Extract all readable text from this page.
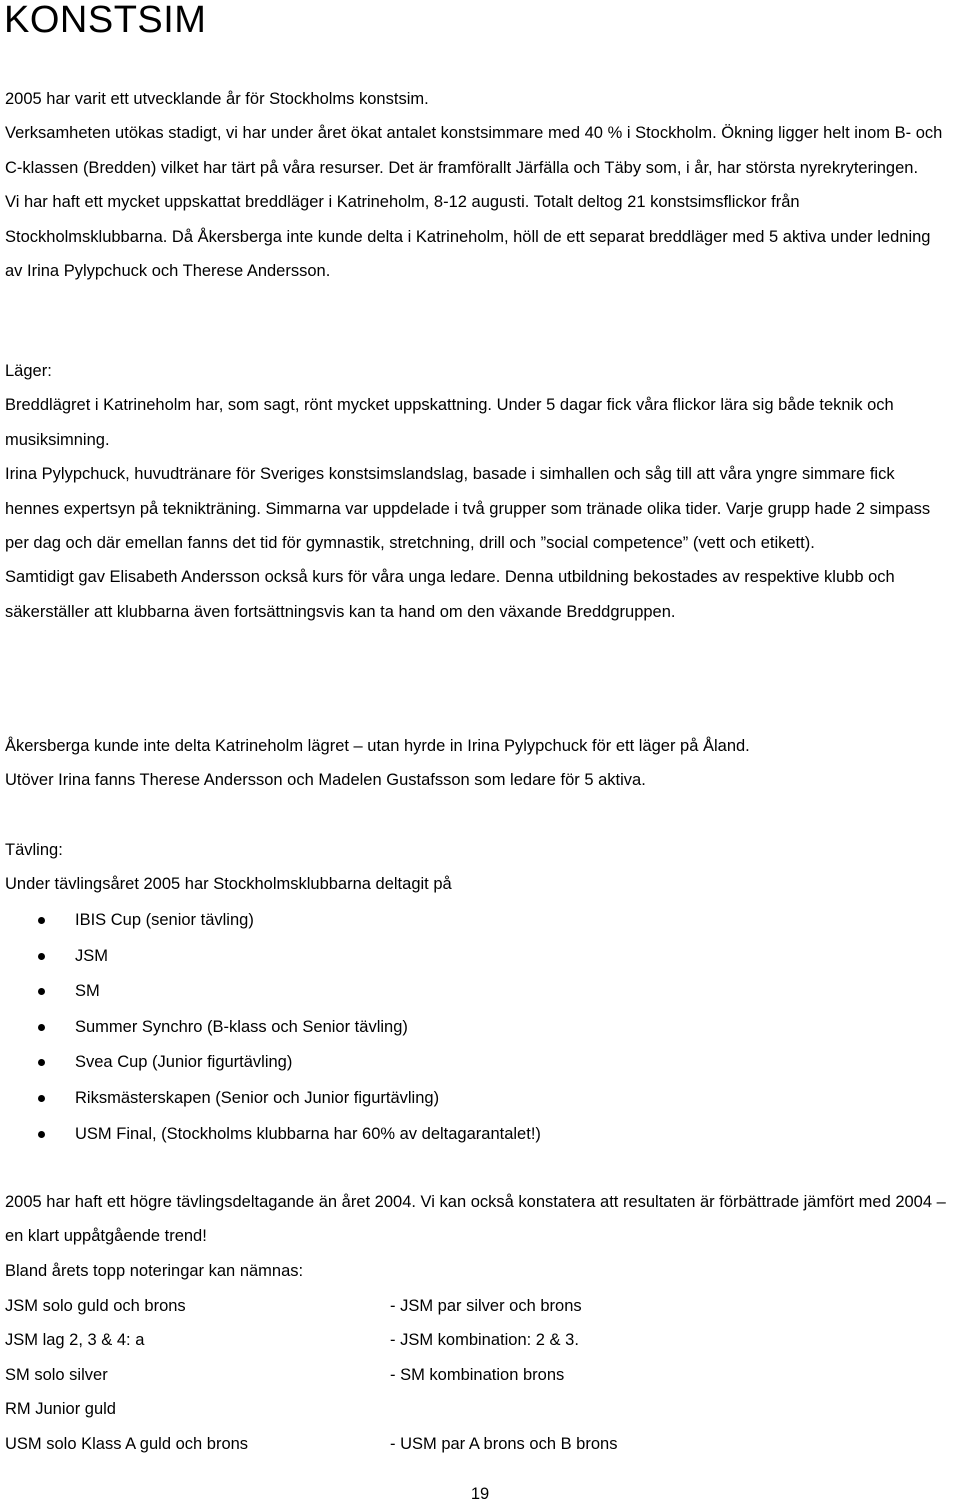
KONSTSIM

2005 har varit ett utvecklande år för Stockholms konstsim.

Verksamheten utökas stadigt, vi har under året ökat antalet konstsimmare med 40 % i Stockholm. Ökning ligger helt inom B- och C-klassen (Bredden) vilket har tärt på våra resurser. Det är framförallt Järfälla och Täby som, i år, har största nyrekryteringen.

Vi har haft ett mycket uppskattat breddläger i Katrineholm, 8-12 augusti. Totalt deltog 21 konstsimsflickor från Stockholmsklubbarna. Då Åkersberga inte kunde delta i Katrineholm, höll de ett separat breddläger med 5 aktiva under ledning av Irina Pylypchuck och Therese Andersson.

Läger:

Breddlägret i Katrineholm har, som sagt, rönt mycket uppskattning. Under 5 dagar fick våra flickor lära sig både teknik och musiksimning.

Irina Pylypchuck, huvudtränare för Sveriges konstsimslandslag, basade i simhallen och såg till att våra yngre simmare fick hennes expertsyn på teknikträning. Simmarna var uppdelade i två grupper som tränade olika tider. Varje grupp hade 2 simpass per dag och där emellan fanns det tid för gymnastik, stretchning, drill och ”social competence” (vett och etikett).

Samtidigt gav Elisabeth Andersson också kurs för våra unga ledare. Denna utbildning bekostades av respektive klubb och säkerställer att klubbarna även fortsättningsvis kan ta hand om den växande Breddgruppen.

Åkersberga kunde inte delta Katrineholm lägret – utan hyrde in Irina Pylypchuck för ett läger på Åland.

Utöver Irina fanns Therese Andersson och Madelen Gustafsson som ledare för 5 aktiva.

Tävling:

Under tävlingsåret 2005 har Stockholmsklubbarna deltagit på

IBIS Cup (senior tävling)
JSM
SM
Summer Synchro (B-klass och Senior tävling)
Svea Cup (Junior figurtävling)
Riksmästerskapen (Senior och Junior figurtävling)
USM Final, (Stockholms klubbarna har 60% av deltagarantalet!)

2005 har haft ett högre tävlingsdeltagande än året 2004. Vi kan också konstatera att resultaten är förbättrade jämfört med 2004 – en klart uppåtgående trend!

Bland årets topp noteringar kan nämnas:

JSM solo guld och brons	- JSM par silver och brons
JSM lag 2, 3 & 4: a	- JSM kombination: 2 & 3.
SM solo silver	- SM kombination brons
RM Junior guld
USM solo Klass A guld och brons	- USM par A brons och B brons
19
